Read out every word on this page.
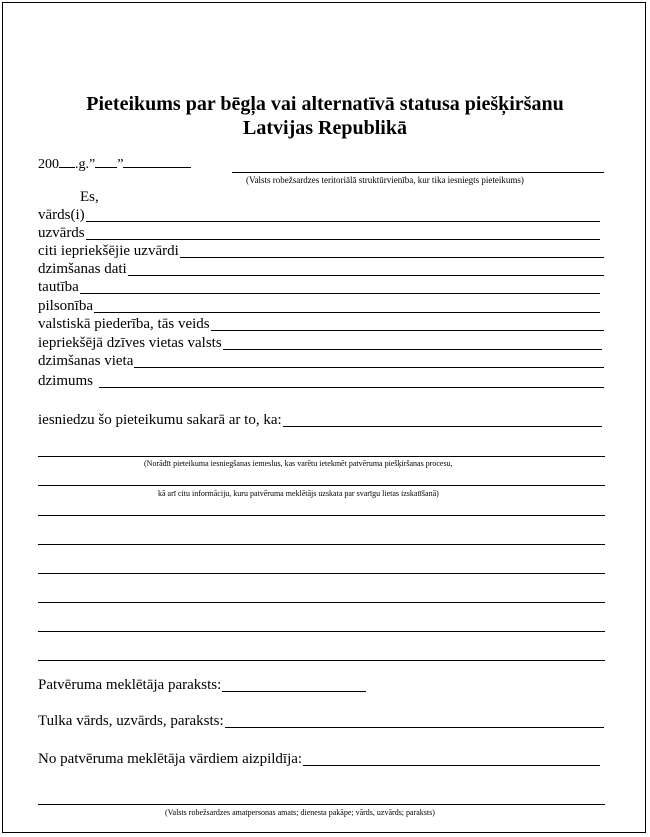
Pieteikums par bēgļa vai alternatīvā statusa piešķiršanu
Latvijas Republikā
200 .g.” ”
(Valsts robežsardzes teritoriālā struktūrvienība, kur tika iesniegts pieteikums)
Es,
vārds(i)
uzvārds
citi iepriekšējie uzvārdi
dzimšanas dati
tautība
pilsonība
valstiskā piederība, tās veids
iepriekšējā dzīves vietas valsts
dzimšanas vieta
dzimums
iesniedzu šo pieteikumu sakarā ar to, ka:
(Norādīt pieteikuma iesniegšanas iemeslus, kas varētu ietekmēt patvēruma piešķiršanas procesu,
kā arī citu informāciju, kuru patvēruma meklētājs uzskata par svarīgu lietas izskatīšanā)
Patvēruma meklētāja paraksts:
Tulka vārds, uzvārds, paraksts:
No patvēruma meklētāja vārdiem aizpildīja:
(Valsts robežsardzes amatpersonas amats; dienesta pakāpe; vārds, uzvārds; paraksts)
